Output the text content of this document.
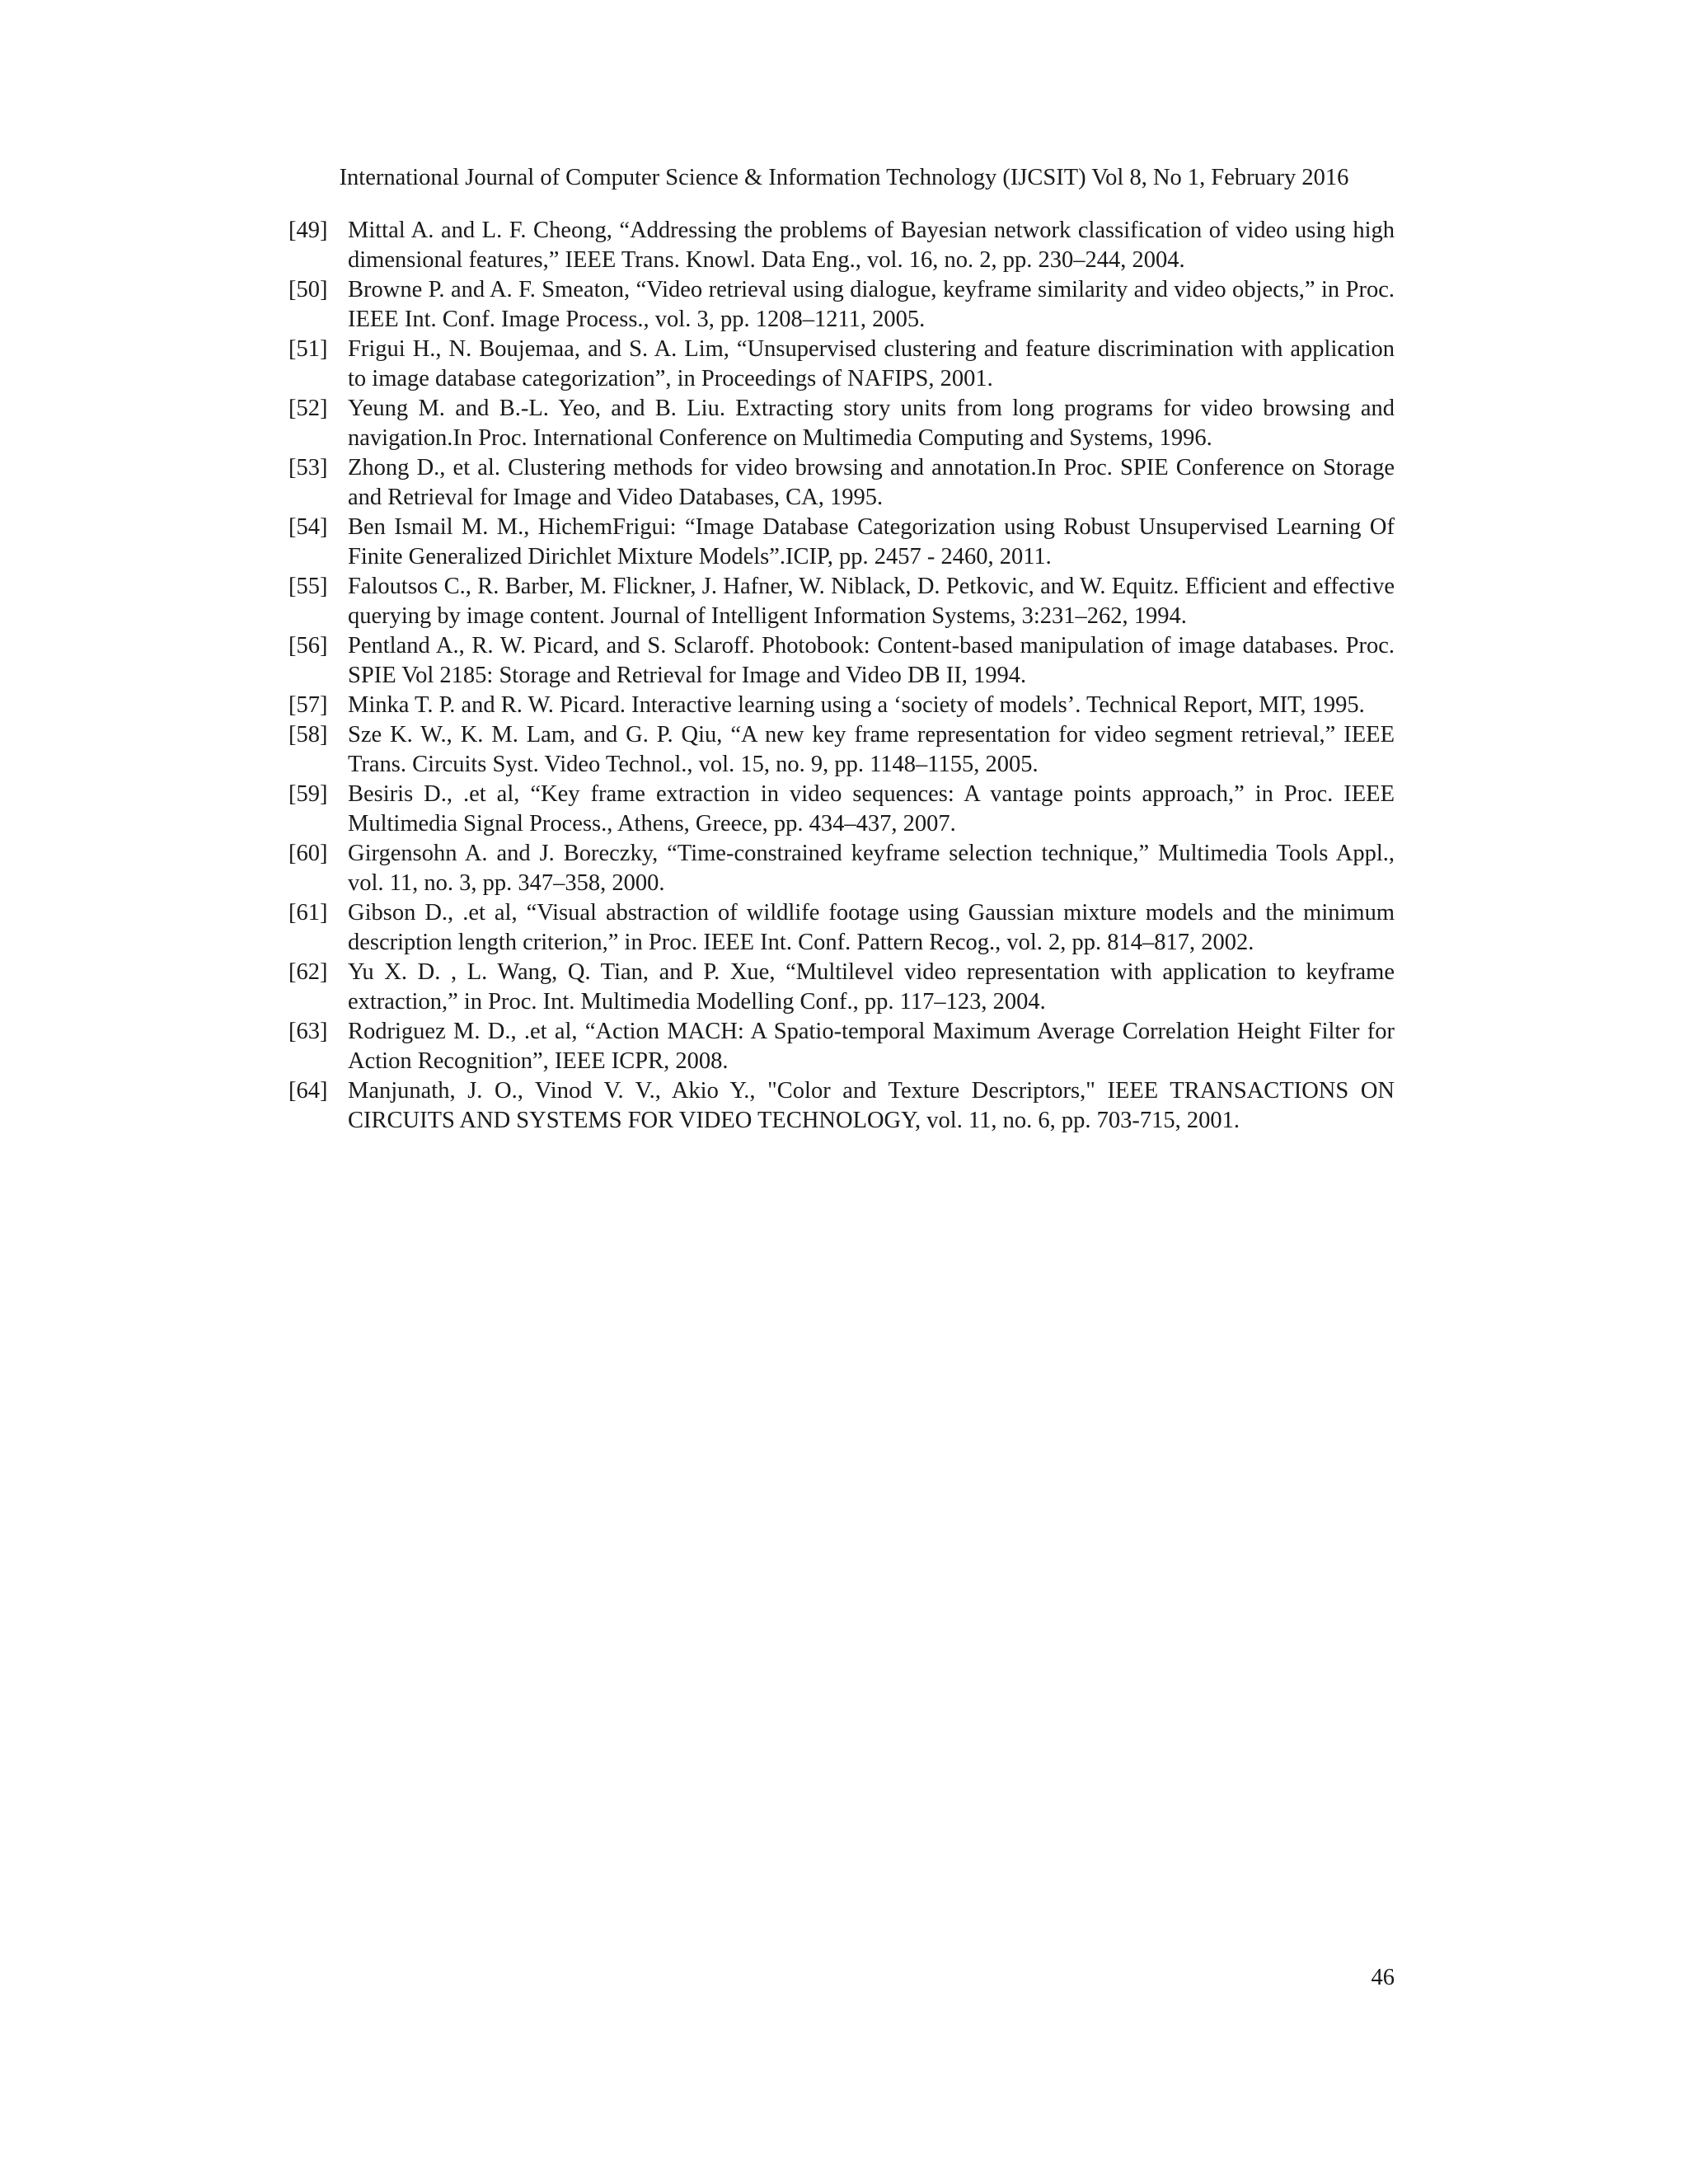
International Journal of Computer Science & Information Technology (IJCSIT) Vol 8, No 1, February 2016
[49] Mittal A. and L. F. Cheong, “Addressing the problems of Bayesian network classification of video using high dimensional features,” IEEE Trans. Knowl. Data Eng., vol. 16, no. 2, pp. 230–244, 2004.
[50] Browne P. and A. F. Smeaton, “Video retrieval using dialogue, keyframe similarity and video objects,” in Proc. IEEE Int. Conf. Image Process., vol. 3, pp. 1208–1211, 2005.
[51] Frigui H., N. Boujemaa, and S. A. Lim, “Unsupervised clustering and feature discrimination with application to image database categorization”, in Proceedings of NAFIPS, 2001.
[52] Yeung M. and B.-L. Yeo, and B. Liu. Extracting story units from long programs for video browsing and navigation.In Proc. International Conference on Multimedia Computing and Systems, 1996.
[53] Zhong D., et al. Clustering methods for video browsing and annotation.In Proc. SPIE Conference on Storage and Retrieval for Image and Video Databases, CA, 1995.
[54] Ben Ismail M. M., HichemFrigui: “Image Database Categorization using Robust Unsupervised Learning Of Finite Generalized Dirichlet Mixture Models”.ICIP, pp. 2457 - 2460, 2011.
[55] Faloutsos C., R. Barber, M. Flickner, J. Hafner, W. Niblack, D. Petkovic, and W. Equitz. Efficient and effective querying by image content. Journal of Intelligent Information Systems, 3:231–262, 1994.
[56] Pentland A., R. W. Picard, and S. Sclaroff. Photobook: Content-based manipulation of image databases. Proc. SPIE Vol 2185: Storage and Retrieval for Image and Video DB II, 1994.
[57] Minka T. P. and R. W. Picard. Interactive learning using a ‘society of models’. Technical Report, MIT, 1995.
[58] Sze K. W., K. M. Lam, and G. P. Qiu, “A new key frame representation for video segment retrieval,” IEEE Trans. Circuits Syst. Video Technol., vol. 15, no. 9, pp. 1148–1155, 2005.
[59] Besiris D., .et al, “Key frame extraction in video sequences: A vantage points approach,” in Proc. IEEE Multimedia Signal Process., Athens, Greece, pp. 434–437, 2007.
[60] Girgensohn A. and J. Boreczky, “Time-constrained keyframe selection technique,” Multimedia Tools Appl., vol. 11, no. 3, pp. 347–358, 2000.
[61] Gibson D., .et al, “Visual abstraction of wildlife footage using Gaussian mixture models and the minimum description length criterion,” in Proc. IEEE Int. Conf. Pattern Recog., vol. 2, pp. 814–817, 2002.
[62] Yu X. D. , L. Wang, Q. Tian, and P. Xue, “Multilevel video representation with application to keyframe extraction,” in Proc. Int. Multimedia Modelling Conf., pp. 117–123, 2004.
[63] Rodriguez M. D., .et al, “Action MACH: A Spatio-temporal Maximum Average Correlation Height Filter for Action Recognition”, IEEE ICPR, 2008.
[64] Manjunath, J. O., Vinod V. V., Akio Y., "Color and Texture Descriptors," IEEE TRANSACTIONS ON CIRCUITS AND SYSTEMS FOR VIDEO TECHNOLOGY, vol. 11, no. 6, pp. 703-715, 2001.
46
